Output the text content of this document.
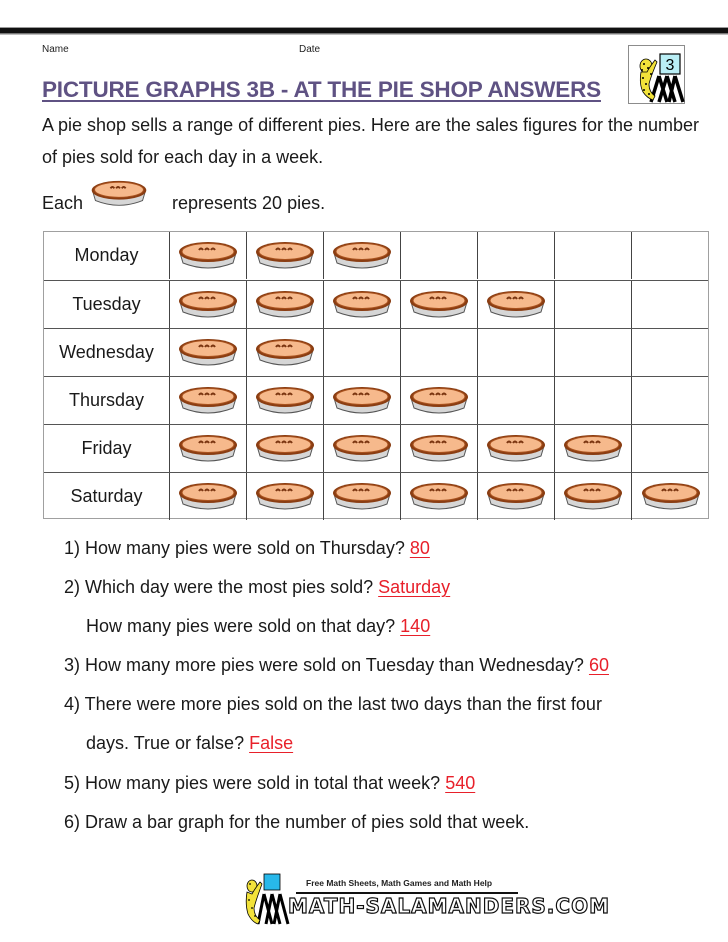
Name	Date
3
PICTURE GRAPHS 3B - AT THE PIE SHOP ANSWERS
A pie shop sells a range of different pies. Here are the sales figures for the number of pies sold for each day in a week.
Each	represents 20 pies.
Monday
Tuesday
Wednesday
Thursday
Friday
Saturday
1) How many pies were sold on Thursday? 80
2) Which day were the most pies sold? Saturday
How many pies were sold on that day? 140
3) How many more pies were sold on Tuesday than Wednesday? 60
4) There were more pies sold on the last two days than the first four
days. True or false? False
5) How many pies were sold in total that week? 540
6) Draw a bar graph for the number of pies sold that week.
Free Math Sheets, Math Games and Math Help
MATH-SALAMANDERS.COM
